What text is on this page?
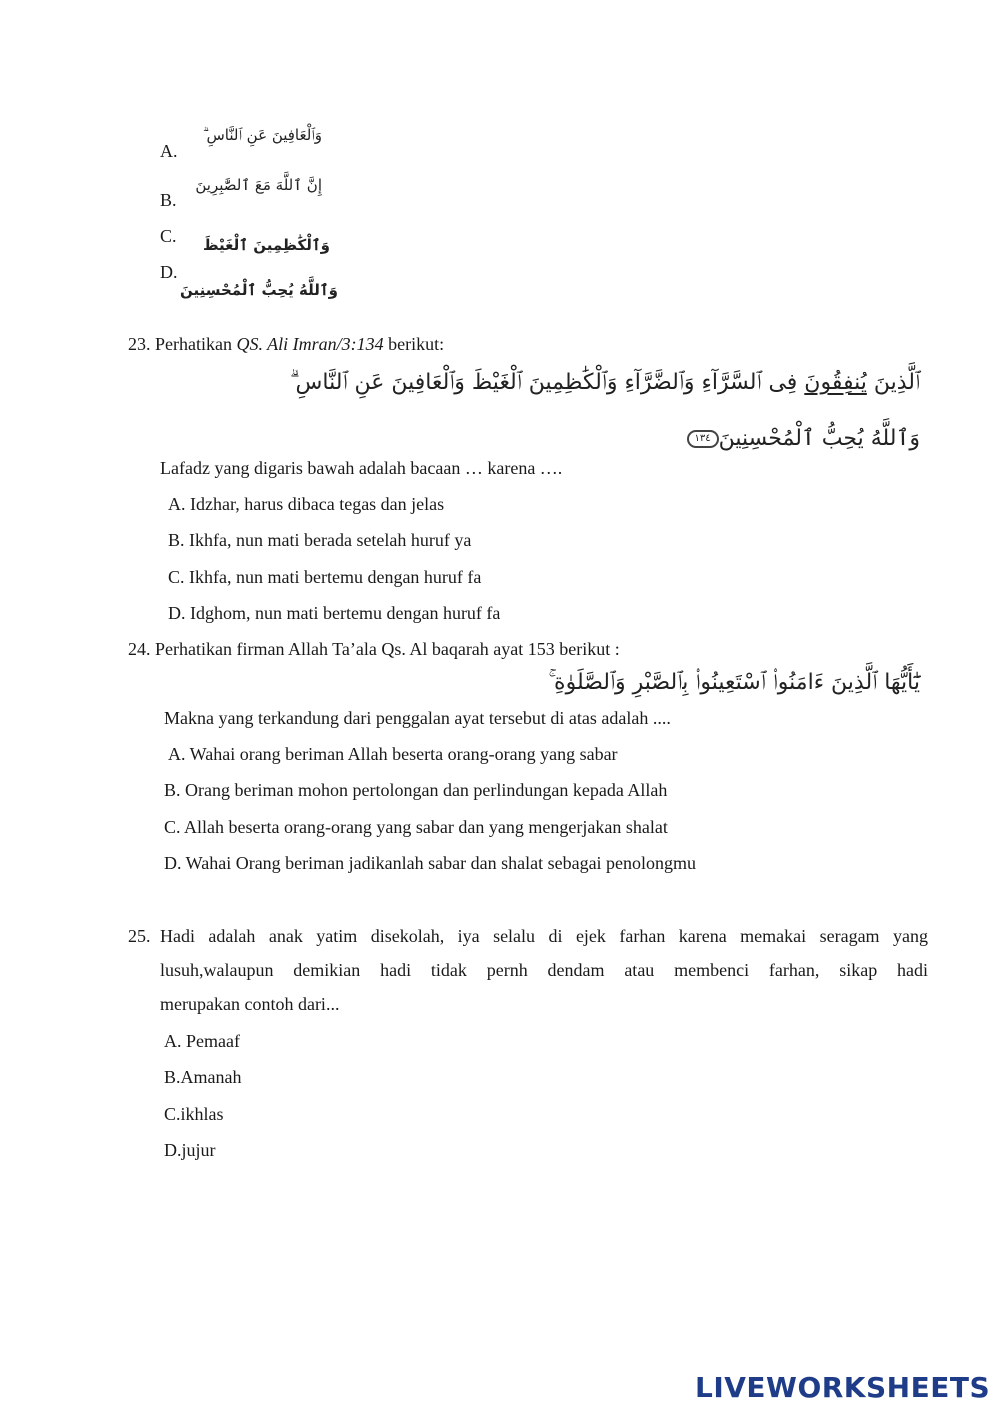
A.
وَٱلْعَافِينَ عَنِ ٱلنَّاسِ ۗ
B.
إِنَّ ٱللَّهَ مَعَ ٱلصَّٰبِرِينَ
C.	وَٱلْكَٰظِمِينَ ٱلْغَيْظَ
D.
وَٱللَّهُ يُحِبُّ ٱلْمُحْسِنِينَ
23. Perhatikan QS. Ali Imran/3:134 berikut:
ٱلَّذِينَ يُنفِقُونَ فِى ٱلسَّرَّآءِ وَٱلضَّرَّآءِ وَٱلْكَٰظِمِينَ ٱلْغَيْظَ وَٱلْعَافِينَ عَنِ ٱلنَّاسِ ۗ
وَٱللَّهُ يُحِبُّ ٱلْمُحْسِنِينَ١٣٤
Lafadz yang digaris bawah adalah bacaan … karena ….
A. Idzhar, harus dibaca tegas dan jelas
B. Ikhfa, nun mati berada setelah huruf ya
C. Ikhfa, nun mati bertemu dengan huruf fa
D. Idghom, nun mati bertemu dengan huruf fa
24. Perhatikan firman Allah Ta’ala Qs. Al baqarah ayat 153 berikut :
يَٰٓأَيُّهَا ٱلَّذِينَ ءَامَنُوا۟ ٱسْتَعِينُوا۟ بِٱلصَّبْرِ وَٱلصَّلَوٰةِ ۚ
Makna yang terkandung dari penggalan ayat tersebut di atas adalah ....
A. Wahai orang beriman Allah beserta orang-orang yang sabar
B. Orang beriman mohon pertolongan dan perlindungan kepada Allah
C. Allah beserta orang-orang yang sabar dan yang mengerjakan shalat
D. Wahai Orang beriman jadikanlah sabar dan shalat sebagai penolongmu
25. Hadi adalah anak yatim disekolah, iya selalu di ejek farhan karena memakai seragam yang
lusuh,walaupun demikian hadi tidak pernh dendam atau membenci farhan, sikap hadi
merupakan contoh dari...
A. Pemaaf
B.Amanah
C.ikhlas
D.jujur
LIVEWORKSHEETS
